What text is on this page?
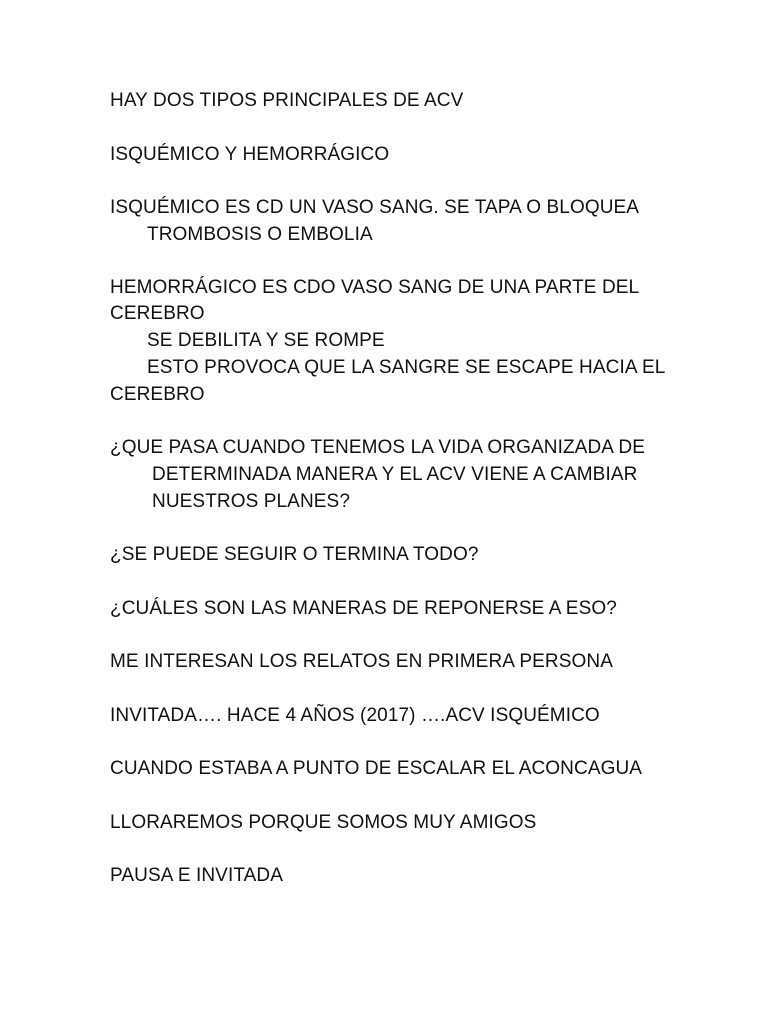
HAY DOS TIPOS PRINCIPALES DE ACV

ISQUÉMICO Y HEMORRÁGICO

ISQUÉMICO ES CD UN VASO SANG. SE TAPA O BLOQUEA

TROMBOSIS O EMBOLIA

HEMORRÁGICO ES CDO VASO SANG DE UNA PARTE DEL

CEREBRO

SE DEBILITA Y SE ROMPE

ESTO PROVOCA QUE LA SANGRE SE ESCAPE HACIA EL

CEREBRO

¿QUE PASA CUANDO TENEMOS LA VIDA ORGANIZADA DE

DETERMINADA MANERA Y EL ACV VIENE A CAMBIAR

NUESTROS PLANES?

¿SE PUEDE SEGUIR O TERMINA TODO?

¿CUÁLES SON LAS MANERAS DE REPONERSE A ESO?

ME INTERESAN LOS RELATOS EN PRIMERA PERSONA

INVITADA…. HACE 4 AÑOS (2017) ….ACV ISQUÉMICO

CUANDO ESTABA A PUNTO DE ESCALAR EL ACONCAGUA

LLORAREMOS PORQUE SOMOS MUY AMIGOS

PAUSA E INVITADA
